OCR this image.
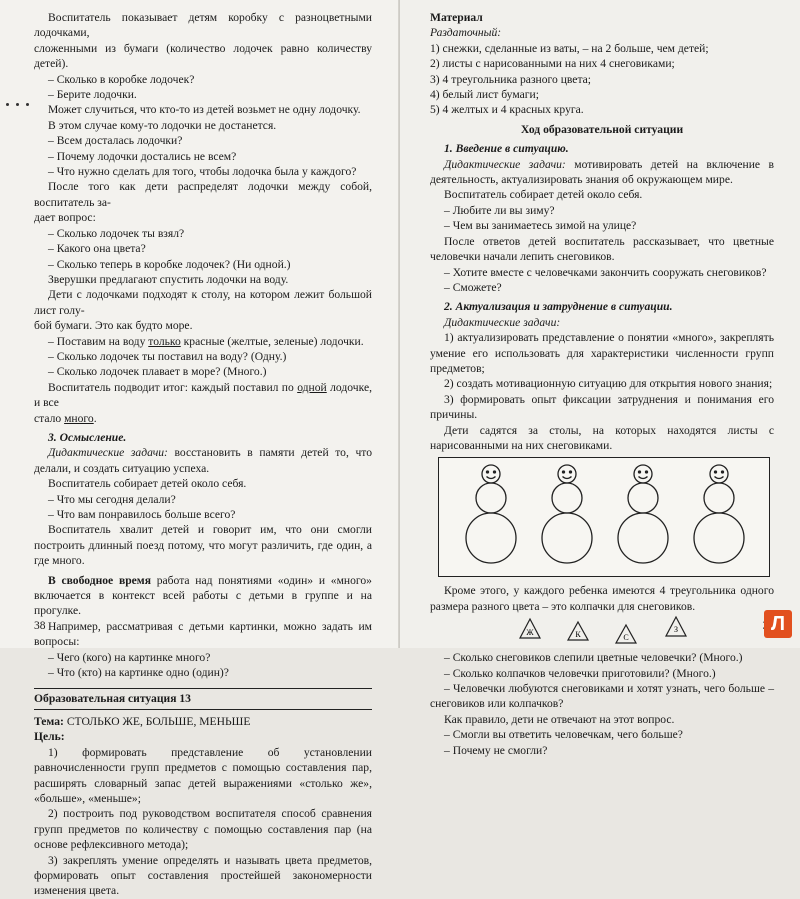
Воспитатель показывает детям коробку с разноцветными лодочками,

сложенными из бумаги (количество лодочек равно количеству детей).

– Сколько в коробке лодочек?

– Берите лодочки.

Может случиться, что кто-то из детей возьмет не одну лодочку.

В этом случае кому-то лодочки не достанется.

– Всем досталась лодочки?

– Почему лодочки достались не всем?

– Что нужно сделать для того, чтобы лодочка была у каждого?

После того как дети распределят лодочки между собой, воспитатель за-

дает вопрос:

– Сколько лодочек ты взял?

– Какого она цвета?

– Сколько теперь в коробке лодочек? (Ни одной.)

Зверушки предлагают спустить лодочки на воду.

Дети с лодочками подходят к столу, на котором лежит большой лист голу-

бой бумаги. Это как будто море.

– Поставим на воду только красные (желтые, зеленые) лодочки.

– Сколько лодочек ты поставил на воду? (Одну.)

– Сколько лодочек плавает в море? (Много.)

Воспитатель подводит итог: каждый поставил по одной лодочке, и все

стало много.

3. Осмысление.

Дидактические задачи: восстановить в памяти детей то, что делали, и создать ситуацию успеха.

Воспитатель собирает детей около себя.

– Что мы сегодня делали?

– Что вам понравилось больше всего?

Воспитатель хвалит детей и говорит им, что они смогли построить длинный поезд потому, что могут различить, где один, а где много.

В свободное время работа над понятиями «один» и «много» включается в контекст всей работы с детьми в группе и на прогулке.

Например, рассматривая с детьми картинки, можно задать им вопросы:

– Чего (кого) на картинке много?

– Что (кто) на картинке одно (один)?

Образовательная ситуация 13

Тема: СТОЛЬКО ЖЕ, БОЛЬШЕ, МЕНЬШЕ

Цель:

1) формировать представление об установлении равночисленности групп предметов с помощью составления пар, расширять словарный запас детей выражениями «столько же», «больше», «меньше»;

2) построить под руководством воспитателя способ сравнения групп предметов по количеству с помощью составления пар (на основе рефлексивного метода);

3) закреплять умение определять и называть цвета предметов, формировать опыт составления простейшей закономерности изменения цвета.

38

Материал

Раздаточный:

1) снежки, сделанные из ваты, – на 2 больше, чем детей;

2) листы с нарисованными на них 4 снеговиками;

3) 4 треугольника разного цвета;

4) белый лист бумаги;

5) 4 желтых и 4 красных круга.

Ход образовательной ситуации

1. Введение в ситуацию.

Дидактические задачи: мотивировать детей на включение в деятельность, актуализировать знания об окружающем мире.

Воспитатель собирает детей около себя.

– Любите ли вы зиму?

– Чем вы занимаетесь зимой на улице?

После ответов детей воспитатель рассказывает, что цветные человечки начали лепить снеговиков.

– Хотите вместе с человечками закончить сооружать снеговиков?

– Сможете?

2. Актуализация и затруднение в ситуации.

Дидактические задачи:

1) актуализировать представление о понятии «много», закреплять умение его использовать для характеристики численности групп предметов;

2) создать мотивационную ситуацию для открытия нового знания;

3) формировать опыт фиксации затруднения и понимания его причины.

Дети садятся за столы, на которых находятся листы с нарисованными на них снеговиками.

Кроме этого, у каждого ребенка имеются 4 треугольника одного размера разного цвета – это колпачки для снеговиков.

Ж	К	С
З

– Сколько снеговиков слепили цветные человечки? (Много.)

– Сколько колпачков человечки приготовили? (Много.)

– Человечки любуются снеговиками и хотят узнать, чего больше – снеговиков или колпачков?

Как правило, дети не отвечают на этот вопрос.

– Смогли вы ответить человечкам, чего больше?

– Почему не смогли?

Л
